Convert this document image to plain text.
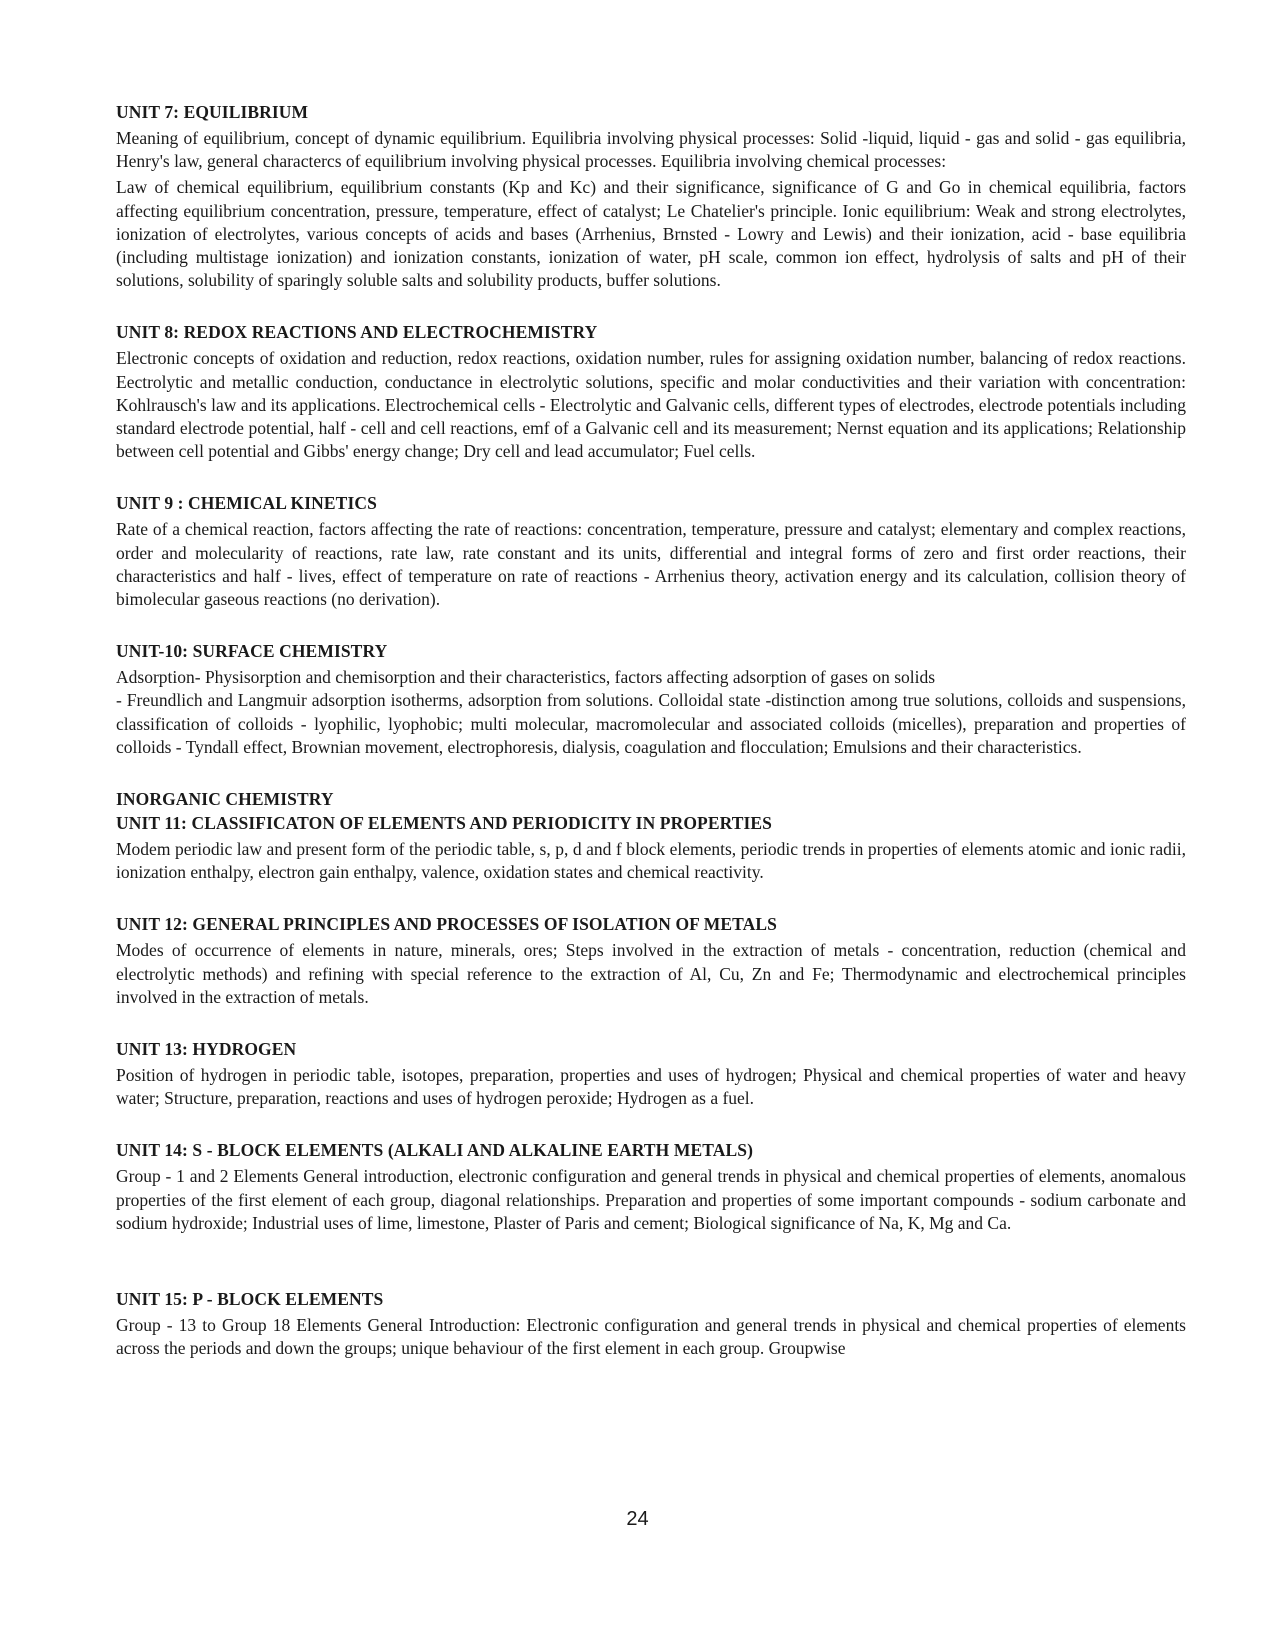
UNIT 7: EQUILIBRIUM

Meaning of equilibrium, concept of dynamic equilibrium. Equilibria involving physical processes: Solid -liquid, liquid - gas and solid - gas equilibria, Henry's law, general charactercs of equilibrium involving physical processes. Equilibria involving chemical processes:

Law of chemical equilibrium, equilibrium constants (Kp and Kc) and their significance, significance of G and Go in chemical equilibria, factors affecting equilibrium concentration, pressure, temperature, effect of catalyst; Le Chatelier's principle. Ionic equilibrium: Weak and strong electrolytes, ionization of electrolytes, various concepts of acids and bases (Arrhenius, Brnsted - Lowry and Lewis) and their ionization, acid - base equilibria (including multistage ionization) and ionization constants, ionization of water, pH scale, common ion effect, hydrolysis of salts and pH of their solutions, solubility of sparingly soluble salts and solubility products, buffer solutions.

UNIT 8: REDOX REACTIONS AND ELECTROCHEMISTRY

Electronic concepts of oxidation and reduction, redox reactions, oxidation number, rules for assigning oxidation number, balancing of redox reactions. Eectrolytic and metallic conduction, conductance in electrolytic solutions, specific and molar conductivities and their variation with concentration: Kohlrausch's law and its applications. Electrochemical cells - Electrolytic and Galvanic cells, different types of electrodes, electrode potentials including standard electrode potential, half - cell and cell reactions, emf of a Galvanic cell and its measurement; Nernst equation and its applications; Relationship between cell potential and Gibbs' energy change; Dry cell and lead accumulator; Fuel cells.

UNIT 9 : CHEMICAL KINETICS

Rate of a chemical reaction, factors affecting the rate of reactions: concentration, temperature, pressure and catalyst; elementary and complex reactions, order and molecularity of reactions, rate law, rate constant and its units, differential and integral forms of zero and first order reactions, their characteristics and half - lives, effect of temperature on rate of reactions - Arrhenius theory, activation energy and its calculation, collision theory of bimolecular gaseous reactions (no derivation).

UNIT-10: SURFACE CHEMISTRY

Adsorption- Physisorption and chemisorption and their characteristics, factors affecting adsorption of gases on solids

- Freundlich and Langmuir adsorption isotherms, adsorption from solutions. Colloidal state -distinction among true solutions, colloids and suspensions, classification of colloids - lyophilic, lyophobic; multi molecular, macromolecular and associated colloids (micelles), preparation and properties of colloids - Tyndall effect, Brownian movement, electrophoresis, dialysis, coagulation and flocculation; Emulsions and their characteristics.

INORGANIC CHEMISTRY
UNIT 11: CLASSIFICATON OF ELEMENTS AND PERIODICITY IN PROPERTIES

Modem periodic law and present form of the periodic table, s, p, d and f block elements, periodic trends in properties of elements atomic and ionic radii, ionization enthalpy, electron gain enthalpy, valence, oxidation states and chemical reactivity.

UNIT 12: GENERAL PRINCIPLES AND PROCESSES OF ISOLATION OF METALS

Modes of occurrence of elements in nature, minerals, ores; Steps involved in the extraction of metals - concentration, reduction (chemical and electrolytic methods) and refining with special reference to the extraction of Al, Cu, Zn and Fe; Thermodynamic and electrochemical principles involved in the extraction of metals.

UNIT 13: HYDROGEN

Position of hydrogen in periodic table, isotopes, preparation, properties and uses of hydrogen; Physical and chemical properties of water and heavy water; Structure, preparation, reactions and uses of hydrogen peroxide; Hydrogen as a fuel.

UNIT 14: S - BLOCK ELEMENTS (ALKALI AND ALKALINE EARTH METALS)

Group - 1 and 2 Elements General introduction, electronic configuration and general trends in physical and chemical properties of elements, anomalous properties of the first element of each group, diagonal relationships. Preparation and properties of some important compounds - sodium carbonate and sodium hydroxide; Industrial uses of lime, limestone, Plaster of Paris and cement; Biological significance of Na, K, Mg and Ca.

UNIT 15: P - BLOCK ELEMENTS

Group - 13 to Group 18 Elements General Introduction: Electronic configuration and general trends in physical and chemical properties of elements across the periods and down the groups; unique behaviour of the first element in each group. Groupwise

24
